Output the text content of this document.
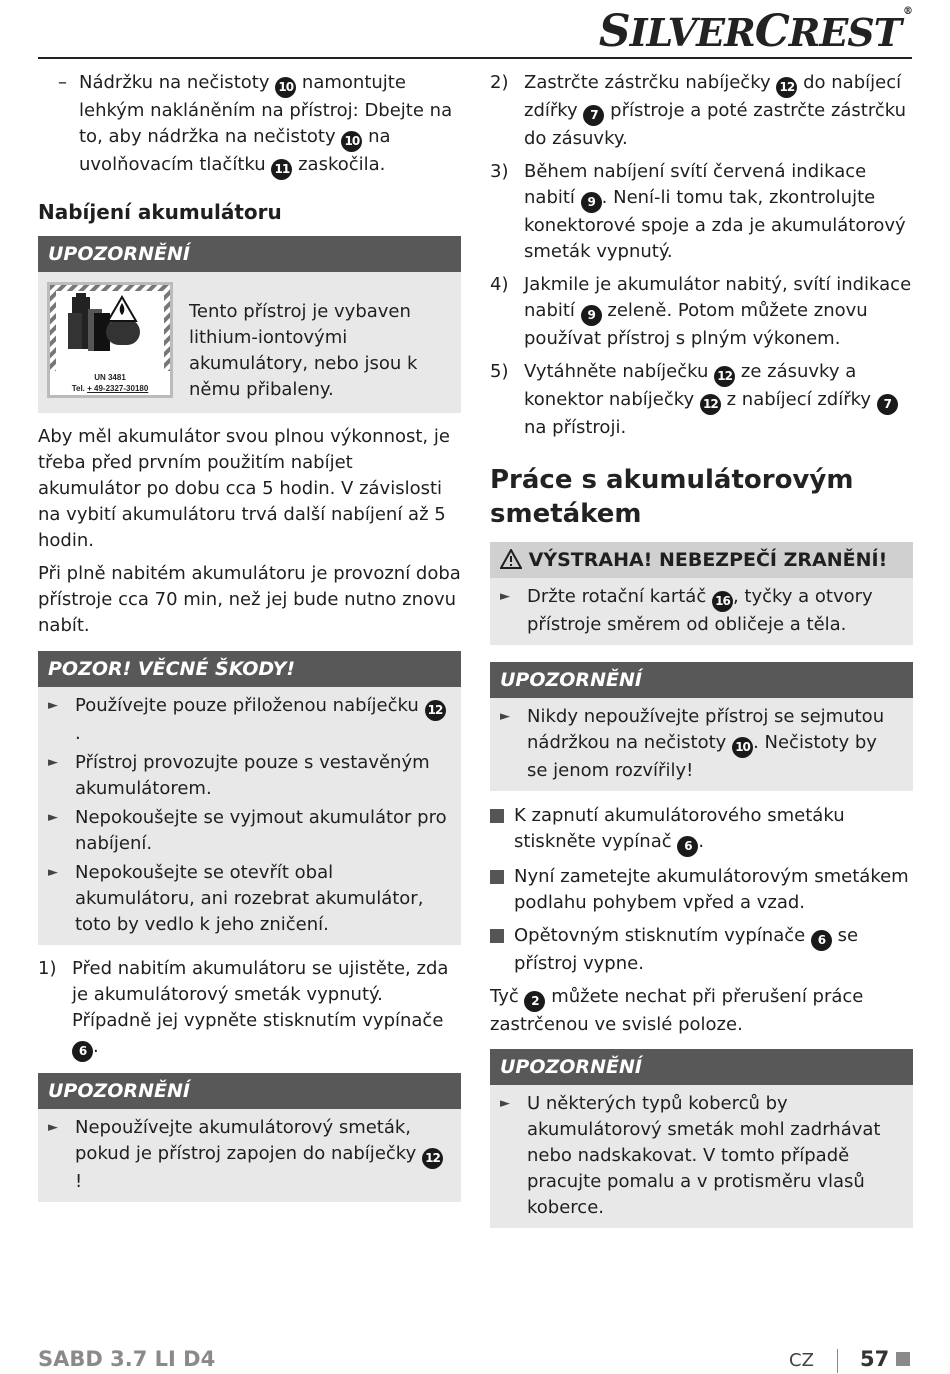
SILVERCREST ®
– Nádržku na nečistoty 10 namontujte lehkým nakláněním na přístroj: Dbejte na to, aby nádržka na nečistoty 10 na uvolňovacím tlačítku 11 zaskočila.
Nabíjení akumulátoru
UPOZORNĚNÍ
UN 3481
Tel. + 49-2327-30180

Tento přístroj je vybaven lithium-iontovými akumulátory, nebo jsou k němu přibaleny.

Aby měl akumulátor svou plnou výkonnost, je třeba před prvním použitím nabíjet akumulátor po dobu cca 5 hodin. V závislosti na vybití akumulátoru trvá další nabíjení až 5 hodin.

Při plně nabitém akumulátoru je provozní doba přístroje cca 70 min, než jej bude nutno znovu nabít.

POZOR! VĚCNÉ ŠKODY!
► Používejte pouze přiloženou nabíječku 12.
► Přístroj provozujte pouze s vestavěným akumulátorem.
► Nepokoušejte se vyjmout akumulátor pro nabíjení.
► Nepokoušejte se otevřít obal akumulátoru, ani rozebrat akumulátor, toto by vedlo k jeho zničení.
1) Před nabitím akumulátoru se ujistěte, zda je akumulátorový smeták vypnutý. Případně jej vypněte stisknutím vypínače 6 .
UPOZORNĚNÍ
► Nepoužívejte akumulátorový smeták, pokud je přístroj zapojen do nabíječky 12!
2) Zastrčte zástrčku nabíječky 12 do nabíjecí zdířky 7 přístroje a poté zastrčte zástrčku do zásuvky.
3) Během nabíjení svítí červená indikace nabití 9 . Není-li tomu tak, zkontrolujte konektorové spoje a zda je akumulátorový smeták vypnutý.
4) Jakmile je akumulátor nabitý, svítí indikace nabití 9 zeleně. Potom můžete znovu používat přístroj s plným výkonem.
5) Vytáhněte nabíječku 12 ze zásuvky a konektor nabíječky 12 z nabíjecí zdířky 7 na přístroji.
Práce s akumulátorovým smetákem
VÝSTRAHA! NEBEZPEČÍ ZRANĚNÍ!
► Držte rotační kartáč 16 , tyčky a otvory přístroje směrem od obličeje a těla.
UPOZORNĚNÍ
► Nikdy nepoužívejte přístroj se sejmutou nádržkou na nečistoty 10 . Nečistoty by se jenom rozvířily!
K zapnutí akumulátorového smetáku stiskněte vypínač 6 .
Nyní zametejte akumulátorovým smetákem podlahu pohybem vpřed a vzad.
Opětovným stisknutím vypínače 6 se přístroj vypne.

Tyč 2 můžete nechat při přerušení práce zastrčenou ve svislé poloze.

UPOZORNĚNÍ
► U některých typů koberců by akumulátorový smeták mohl zadrhávat nebo nadskakovat. V tomto případě pracujte pomalu a v protisměru vlasů koberce.
SABD 3.7 LI D4	CZ 57
